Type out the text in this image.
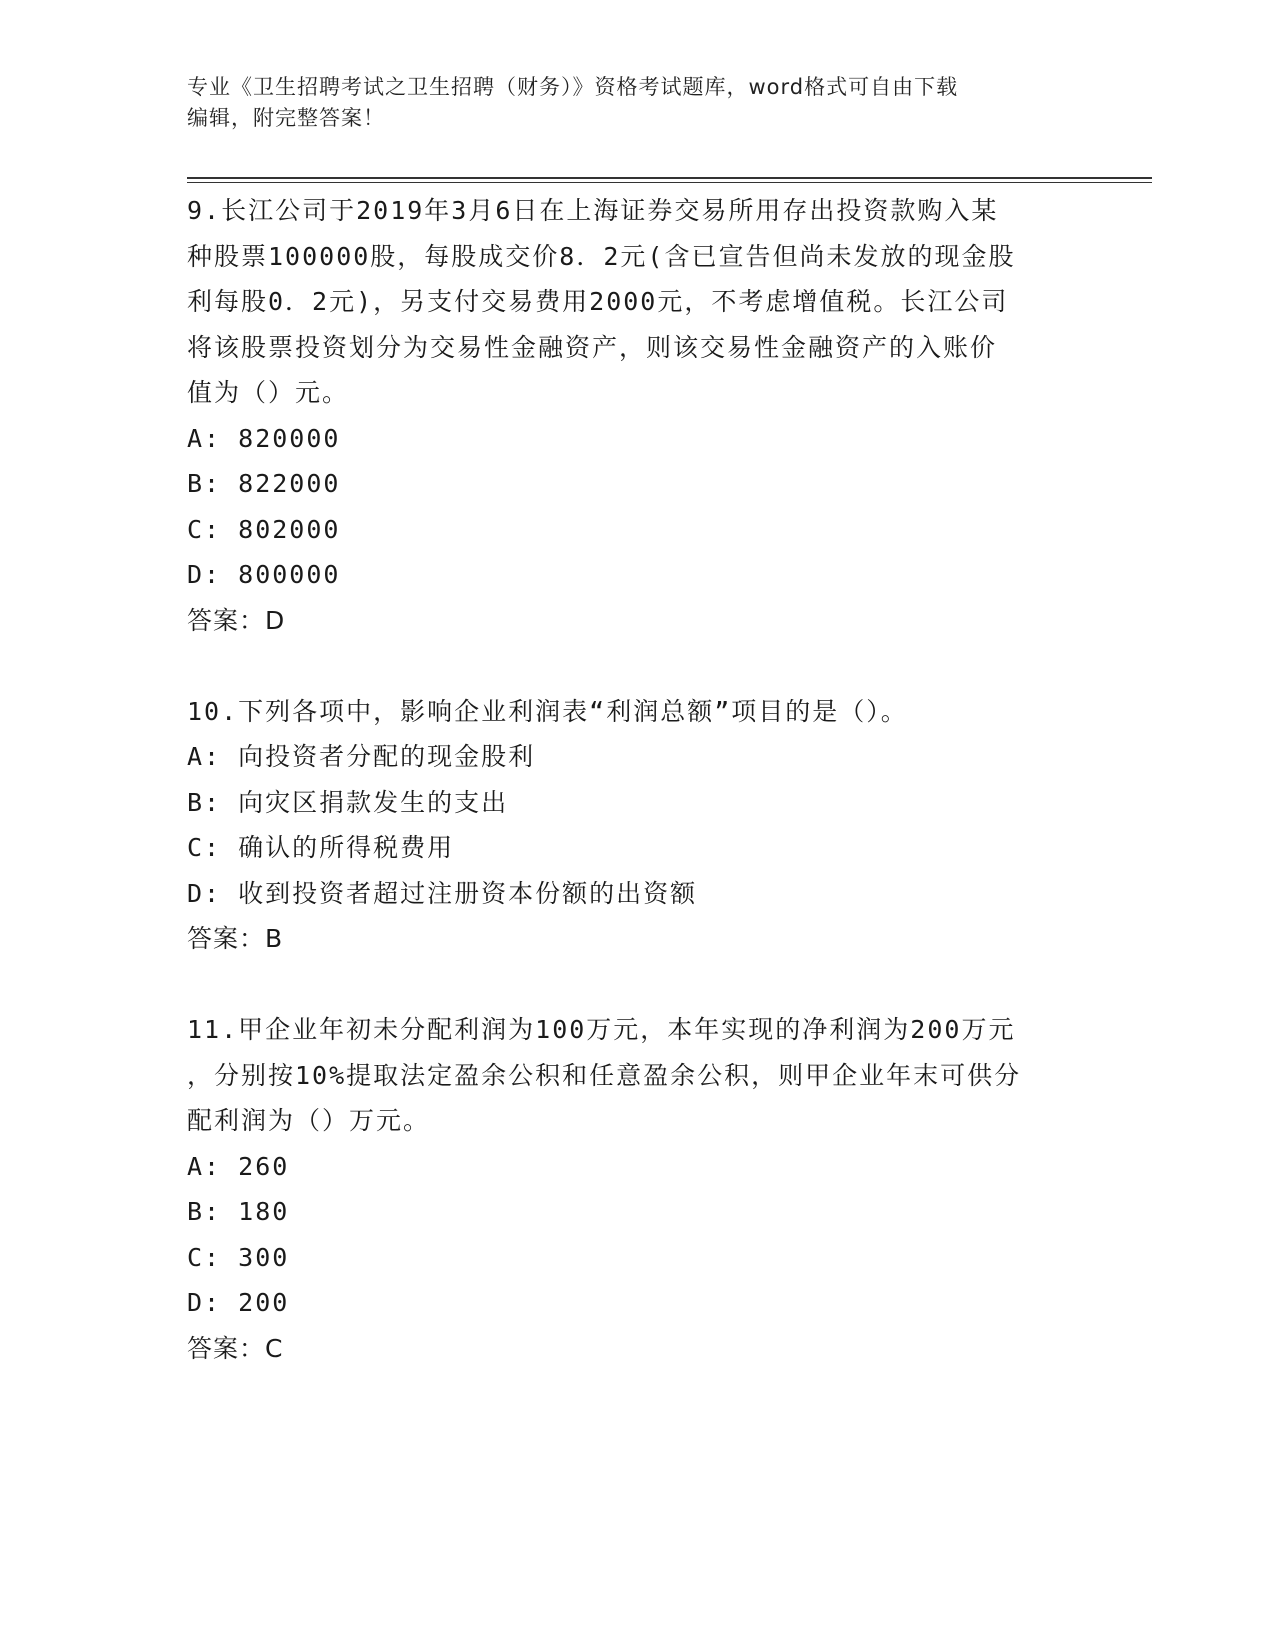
专业《卫生招聘考试之卫生招聘（财务）》资格考试题库，word格式可自由下载
编辑，附完整答案！
9.长江公司于2019年3月6日在上海证券交易所用存出投资款购入某
种股票100000股，每股成交价8．2元(含已宣告但尚未发放的现金股
利每股0．2元)，另支付交易费用2000元，不考虑增值税。长江公司
将该股票投资划分为交易性金融资产，则该交易性金融资产的入账价
值为（）元。
A: 820000
B: 822000
C: 802000
D: 800000
答案：D
10.下列各项中，影响企业利润表“利润总额”项目的是（）。
A: 向投资者分配的现金股利
B: 向灾区捐款发生的支出
C: 确认的所得税费用
D: 收到投资者超过注册资本份额的出资额
答案：B
11.甲企业年初未分配利润为100万元，本年实现的净利润为200万元
，分别按10%提取法定盈余公积和任意盈余公积，则甲企业年末可供分
配利润为（）万元。
A: 260
B: 180
C: 300
D: 200
答案：C
